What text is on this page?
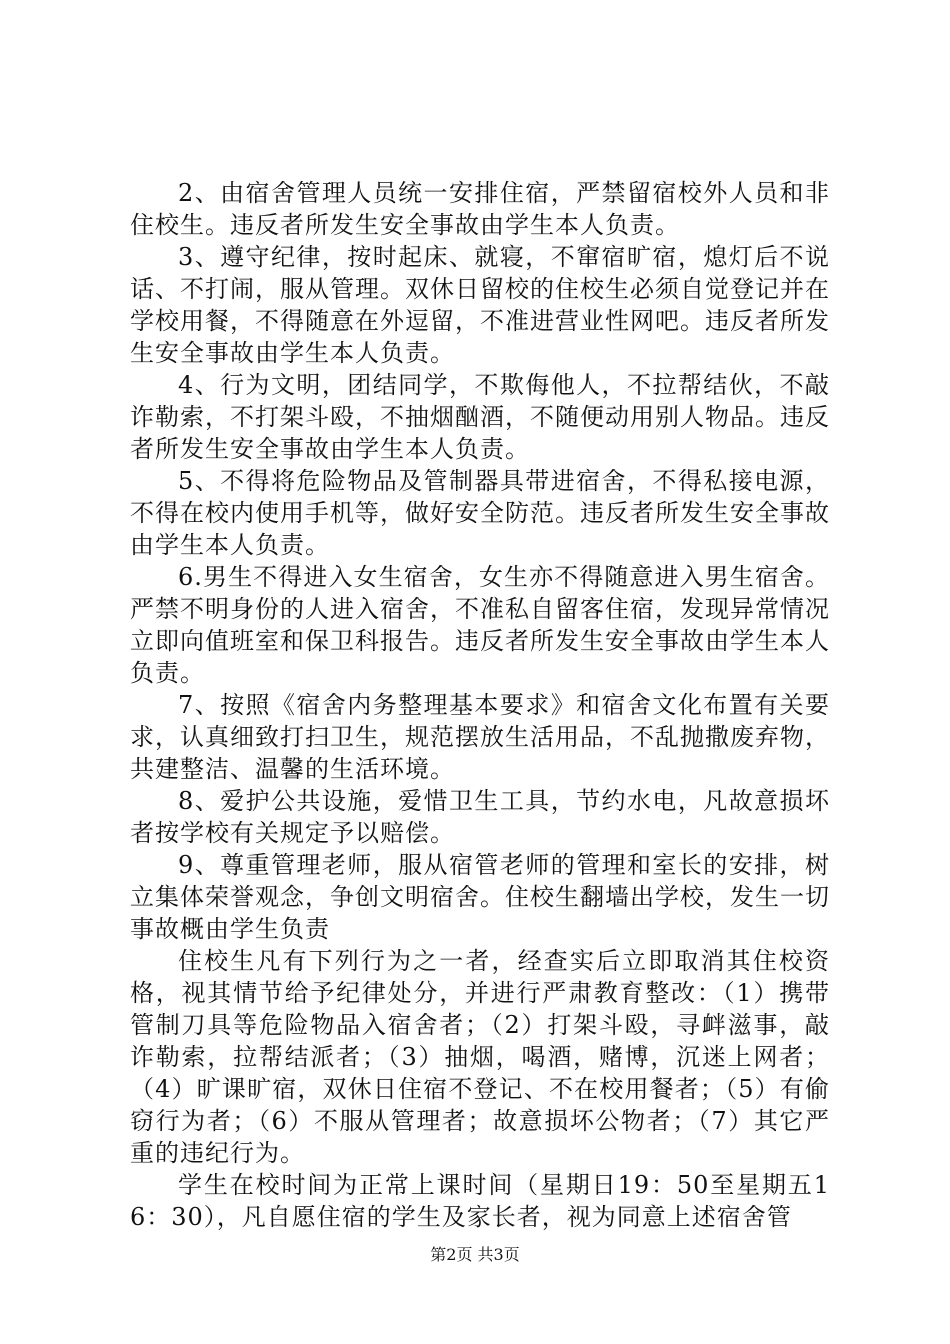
2、由宿舍管理人员统一安排住宿，严禁留宿校外人员和非住校生。违反者所发生安全事故由学生本人负责。

3、遵守纪律，按时起床、就寝，不窜宿旷宿，熄灯后不说话、不打闹，服从管理。双休日留校的住校生必须自觉登记并在学校用餐，不得随意在外逗留，不准进营业性网吧。违反者所发生安全事故由学生本人负责。

4、行为文明，团结同学，不欺侮他人，不拉帮结伙，不敲诈勒索，不打架斗殴，不抽烟酗酒，不随便动用别人物品。违反者所发生安全事故由学生本人负责。

5、不得将危险物品及管制器具带进宿舍，不得私接电源，不得在校内使用手机等，做好安全防范。违反者所发生安全事故由学生本人负责。

6.男生不得进入女生宿舍，女生亦不得随意进入男生宿舍。严禁不明身份的人进入宿舍，不准私自留客住宿，发现异常情况立即向值班室和保卫科报告。违反者所发生安全事故由学生本人负责。

7、按照《宿舍内务整理基本要求》和宿舍文化布置有关要求，认真细致打扫卫生，规范摆放生活用品，不乱抛撒废弃物，共建整洁、温馨的生活环境。

8、爱护公共设施，爱惜卫生工具，节约水电，凡故意损坏者按学校有关规定予以赔偿。

9、尊重管理老师，服从宿管老师的管理和室长的安排，树立集体荣誉观念，争创文明宿舍。住校生翻墙出学校，发生一切事故概由学生负责

住校生凡有下列行为之一者，经查实后立即取消其住校资格，视其情节给予纪律处分，并进行严肃教育整改：（1）携带管制刀具等危险物品入宿舍者；（2）打架斗殴，寻衅滋事，敲诈勒索，拉帮结派者；（3）抽烟，喝酒，赌博，沉迷上网者；（4）旷课旷宿，双休日住宿不登记、不在校用餐者；（5）有偷窃行为者；（6）不服从管理者；故意损坏公物者；（7）其它严重的违纪行为。

学生在校时间为正常上课时间（星期日19：50至星期五16：30），凡自愿住宿的学生及家长者，视为同意上述宿舍管

第2页 共3页
